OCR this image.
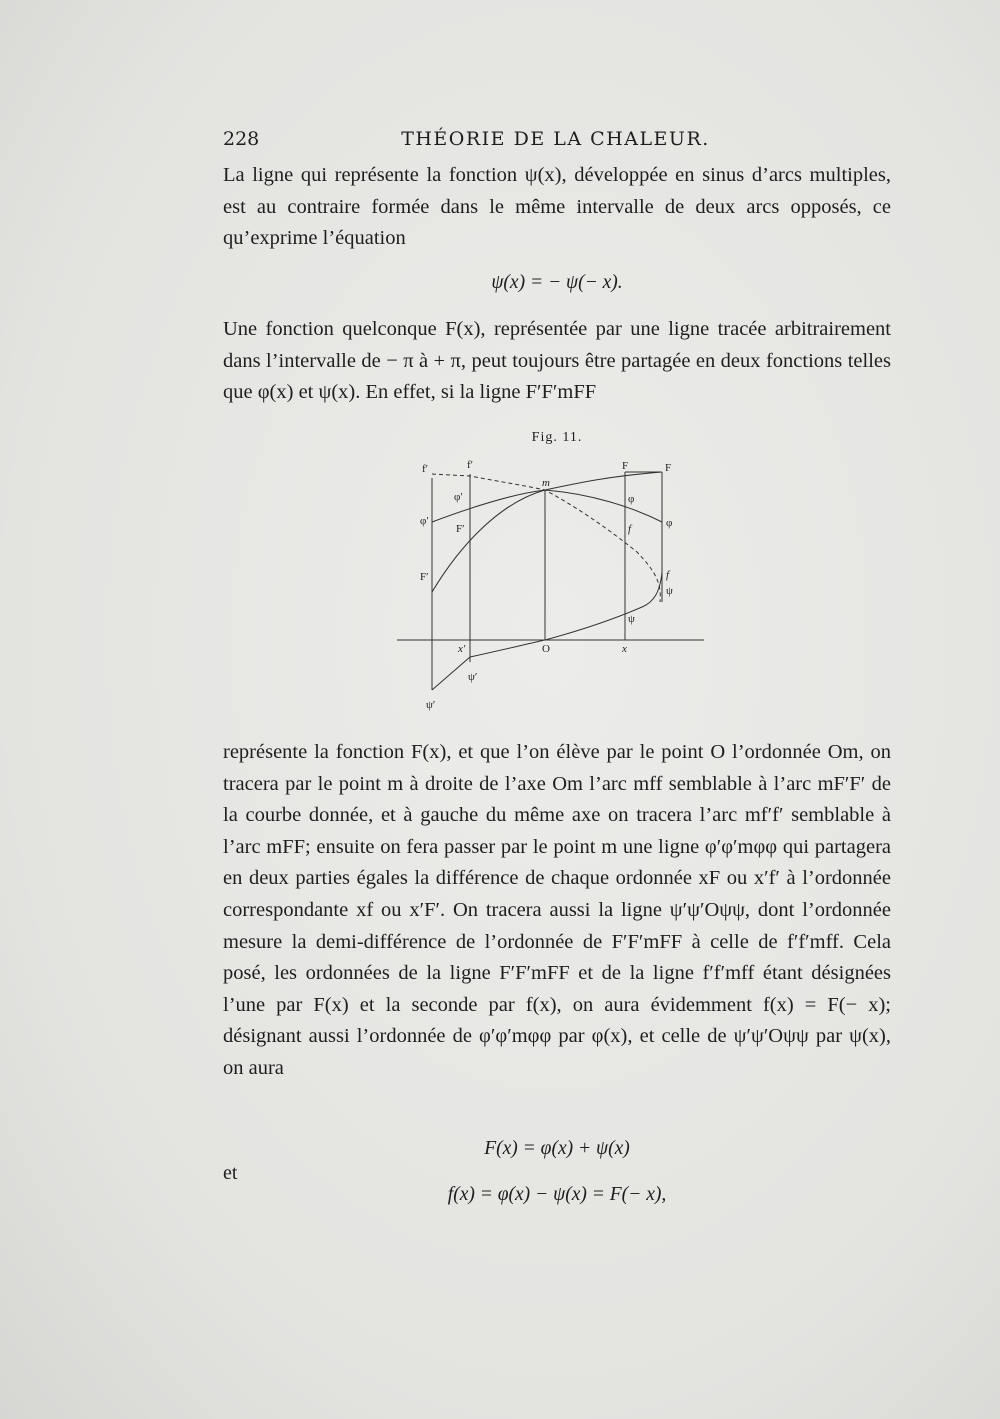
228	THÉORIE DE LA CHALEUR.
La ligne qui représente la fonction ψ(x), développée en sinus d’arcs multiples, est au contraire formée dans le même intervalle de deux arcs opposés, ce qu’exprime l’équation
ψ(x) = − ψ(− x).
Une fonction quelconque F(x), représentée par une ligne tracée arbitrairement dans l’intervalle de − π à + π, peut toujours être partagée en deux fonctions telles que φ(x) et ψ(x). En effet, si la ligne F′F′mFF
Fig. 11.
f′	f′	F	F
m
φ′
φ′
F′
F′
φ
φ
f
f
ψ
ψ
x′	O	x
ψ′
ψ′
représente la fonction F(x), et que l’on élève par le point O l’ordonnée Om, on tracera par le point m à droite de l’axe Om l’arc mff semblable à l’arc mF′F′ de la courbe donnée, et à gauche du même axe on tracera l’arc mf′f′ semblable à l’arc mFF; ensuite on fera passer par le point m une ligne φ′φ′mφφ qui partagera en deux parties égales la différence de chaque ordonnée xF ou x′f′ à l’ordonnée correspondante xf ou x′F′. On tracera aussi la ligne ψ′ψ′Oψψ, dont l’ordonnée mesure la demi-différence de l’ordonnée de F′F′mFF à celle de f′f′mff. Cela posé, les ordonnées de la ligne F′F′mFF et de la ligne f′f′mff étant désignées l’une par F(x) et la seconde par f(x), on aura évidemment f(x) = F(− x); désignant aussi l’ordonnée de φ′φ′mφφ par φ(x), et celle de ψ′ψ′Oψψ par ψ(x), on aura
F(x) = φ(x) + ψ(x)
et
f(x) = φ(x) − ψ(x) = F(− x),
